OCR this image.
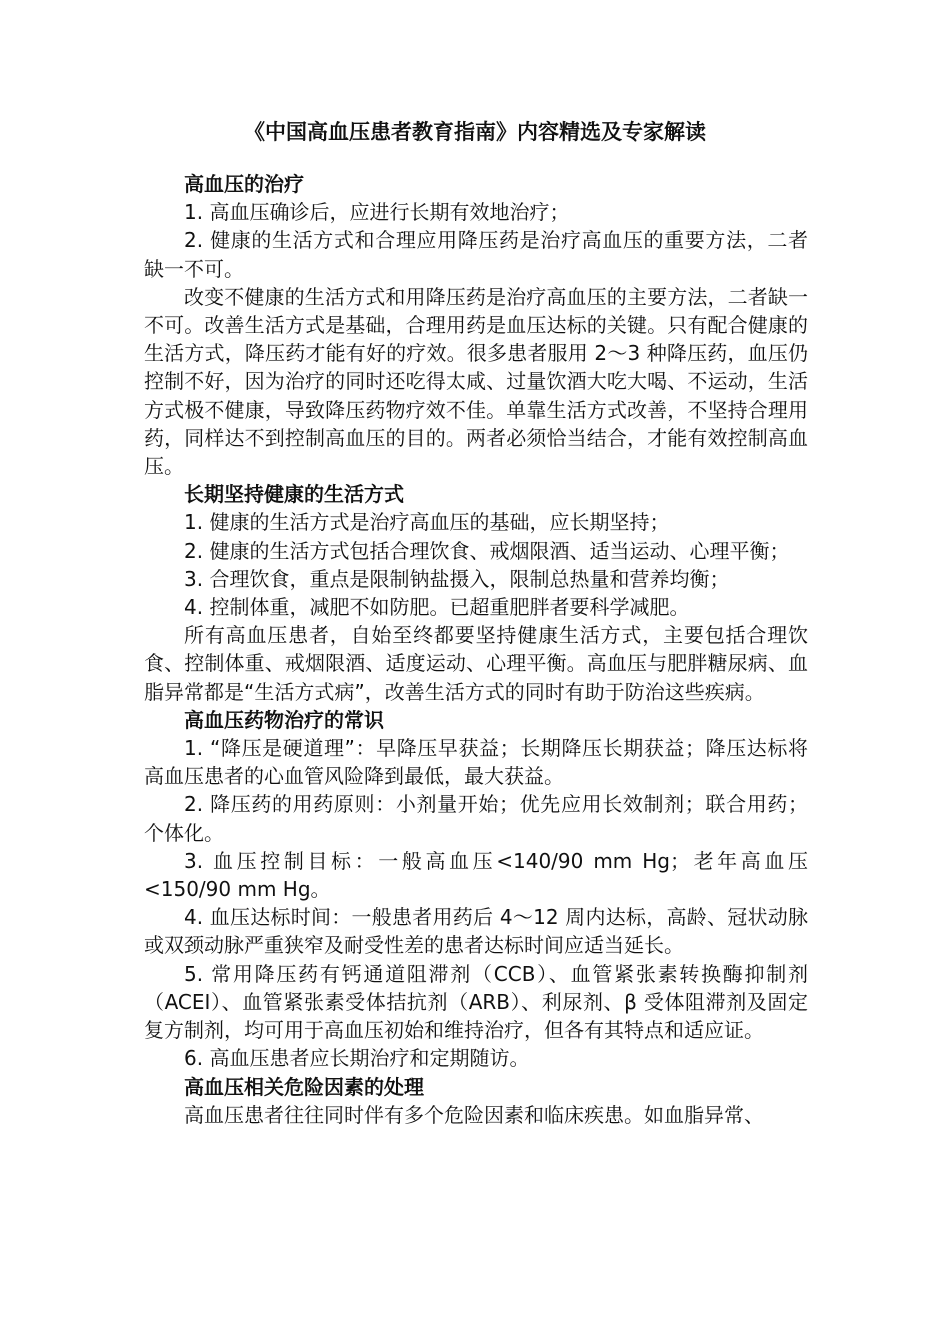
《中国高血压患者教育指南》内容精选及专家解读

高血压的治疗

1. 高血压确诊后，应进行长期有效地治疗；

2. 健康的生活方式和合理应用降压药是治疗高血压的重要方法，二者缺一不可。

改变不健康的生活方式和用降压药是治疗高血压的主要方法，二者缺一不可。改善生活方式是基础，合理用药是血压达标的关键。只有配合健康的生活方式，降压药才能有好的疗效。很多患者服用 2～3 种降压药，血压仍控制不好，因为治疗的同时还吃得太咸、过量饮酒大吃大喝、不运动，生活方式极不健康，导致降压药物疗效不佳。单靠生活方式改善，不坚持合理用药，同样达不到控制高血压的目的。两者必须恰当结合，才能有效控制高血压。

长期坚持健康的生活方式

1. 健康的生活方式是治疗高血压的基础，应长期坚持；

2. 健康的生活方式包括合理饮食、戒烟限酒、适当运动、心理平衡；

3. 合理饮食，重点是限制钠盐摄入，限制总热量和营养均衡；

4. 控制体重，减肥不如防肥。已超重肥胖者要科学减肥。

所有高血压患者，自始至终都要坚持健康生活方式，主要包括合理饮食、控制体重、戒烟限酒、适度运动、心理平衡。高血压与肥胖糖尿病、血脂异常都是“生活方式病”，改善生活方式的同时有助于防治这些疾病。

高血压药物治疗的常识

1. “降压是硬道理”：早降压早获益；长期降压长期获益；降压达标将高血压患者的心血管风险降到最低，最大获益。

2. 降压药的用药原则：小剂量开始；优先应用长效制剂；联合用药；个体化。

3. 血压控制目标：一般高血压<140/90 mm Hg；老年高血压<150/90 mm Hg。

4. 血压达标时间：一般患者用药后 4～12 周内达标，高龄、冠状动脉或双颈动脉严重狭窄及耐受性差的患者达标时间应适当延长。

5. 常用降压药有钙通道阻滞剂（CCB）、血管紧张素转换酶抑制剂（ACEI）、血管紧张素受体拮抗剂（ARB）、利尿剂、β 受体阻滞剂及固定复方制剂，均可用于高血压初始和维持治疗，但各有其特点和适应证。

6. 高血压患者应长期治疗和定期随访。

高血压相关危险因素的处理

高血压患者往往同时伴有多个危险因素和临床疾患。如血脂异常、
